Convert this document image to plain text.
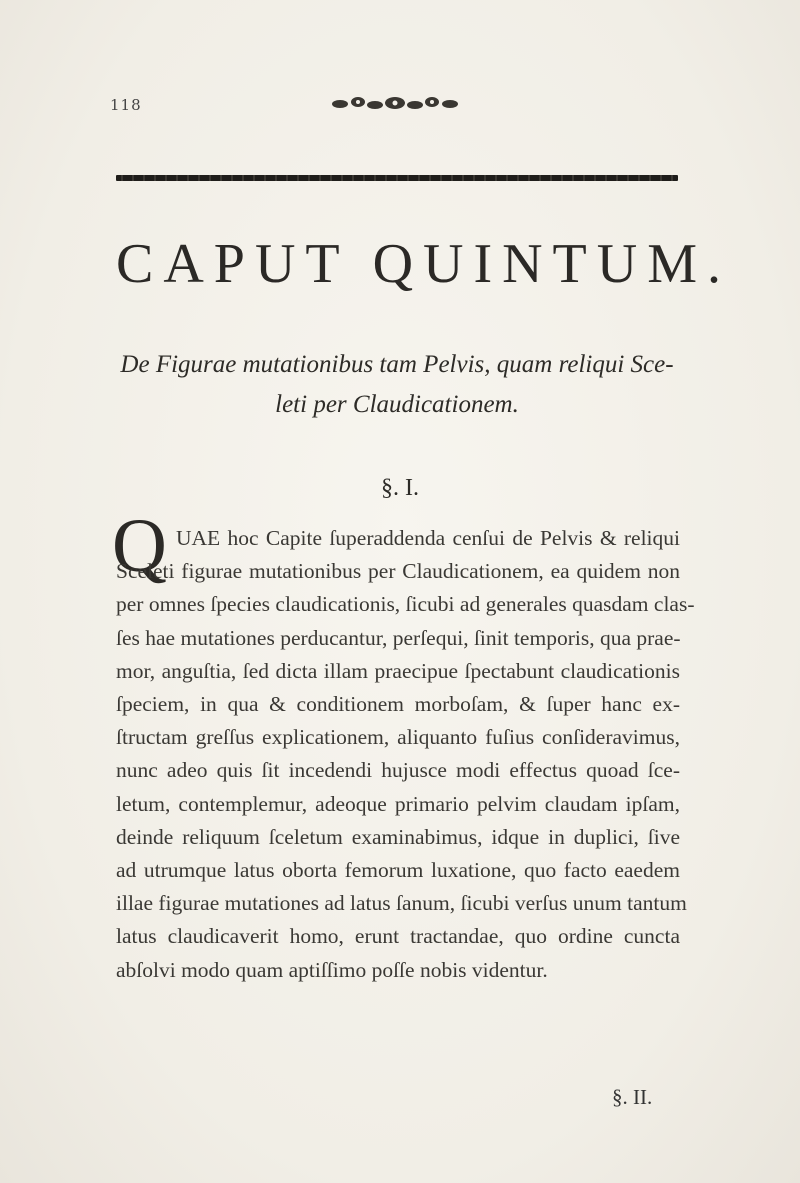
118
CAPUT QUINTUM.
De Figurae mutationibus tam Pelvis, quam reliqui Sce-
leti per Claudicationem.
§. I.
Q UAE hoc Capite ſuperaddenda cenſui de Pelvis & reliqui
Sceleti figurae mutationibus per Claudicationem, ea quidem non
per omnes ſpecies claudicationis, ſicubi ad generales quasdam clas-
ſes hae mutationes perducantur, perſequi, ſinit temporis, qua prae-
mor, anguſtia, ſed dicta illam praecipue ſpectabunt claudicationis
ſpeciem, in qua & conditionem morboſam, & ſuper hanc ex-
ſtructam greſſus explicationem, aliquanto fuſius conſideravimus,
nunc adeo quis ſit incedendi hujusce modi effectus quoad ſce-
letum, contemplemur, adeoque primario pelvim claudam ipſam,
deinde reliquum ſceletum examinabimus, idque in duplici, ſive
ad utrumque latus oborta femorum luxatione, quo facto eaedem
illae figurae mutationes ad latus ſanum, ſicubi verſus unum tantum
latus claudicaverit homo, erunt tractandae, quo ordine cuncta
abſolvi modo quam aptiſſimo poſſe nobis videntur.
§. II.
